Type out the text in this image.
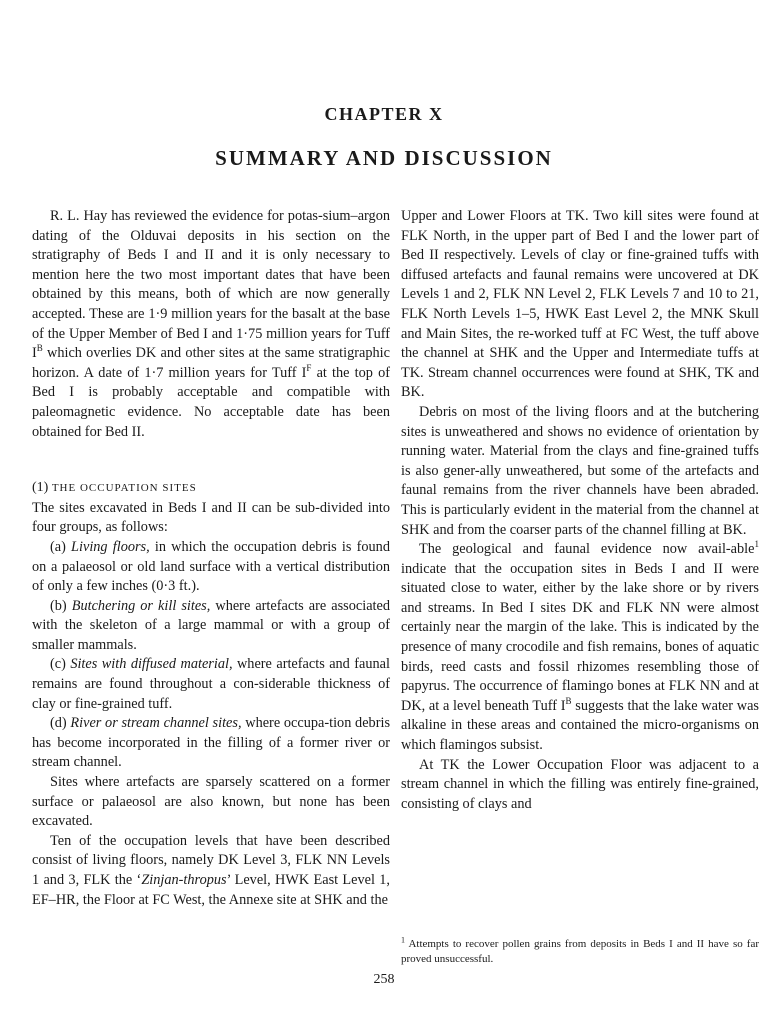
CHAPTER X
SUMMARY AND DISCUSSION

R. L. Hay has reviewed the evidence for potas-sium–argon dating of the Olduvai deposits in his section on the stratigraphy of Beds I and II and it is only necessary to mention here the two most important dates that have been obtained by this means, both of which are now generally accepted. These are 1·9 million years for the basalt at the base of the Upper Member of Bed I and 1·75 million years for Tuff $I^B$ which overlies DK and other sites at the same stratigraphic horizon. A date of 1·7 million years for Tuff $I^F$ at the top of Bed I is probably acceptable and compatible with paleomagnetic evidence. No acceptable date has been obtained for Bed II.

(1) THE OCCUPATION SITES

The sites excavated in Beds I and II can be sub-divided into four groups, as follows:

(a) Living floors, in which the occupation debris is found on a palaeosol or old land surface with a vertical distribution of only a few inches (0·3 ft.).

(b) Butchering or kill sites, where artefacts are associated with the skeleton of a large mammal or with a group of smaller mammals.

(c) Sites with diffused material, where artefacts and faunal remains are found throughout a con-siderable thickness of clay or fine-grained tuff.

(d) River or stream channel sites, where occupa-tion debris has become incorporated in the filling of a former river or stream channel.

Sites where artefacts are sparsely scattered on a former surface or palaeosol are also known, but none has been excavated.

Ten of the occupation levels that have been described consist of living floors, namely DK Level 3, FLK NN Levels 1 and 3, FLK the ‘Zinjan-thropus’ Level, HWK East Level 1, EF–HR, the Floor at FC West, the Annexe site at SHK and the

Upper and Lower Floors at TK. Two kill sites were found at FLK North, in the upper part of Bed I and the lower part of Bed II respectively. Levels of clay or fine-grained tuffs with diffused artefacts and faunal remains were uncovered at DK Levels 1 and 2, FLK NN Level 2, FLK Levels 7 and 10 to 21, FLK North Levels 1–5, HWK East Level 2, the MNK Skull and Main Sites, the re-worked tuff at FC West, the tuff above the channel at SHK and the Upper and Intermediate tuffs at TK. Stream channel occurrences were found at SHK, TK and BK.

Debris on most of the living floors and at the butchering sites is unweathered and shows no evidence of orientation by running water. Material from the clays and fine-grained tuffs is also gener-ally unweathered, but some of the artefacts and faunal remains from the river channels have been abraded. This is particularly evident in the material from the channel at SHK and from the coarser parts of the channel filling at BK.

The geological and faunal evidence now avail-able$^1$ indicate that the occupation sites in Beds I and II were situated close to water, either by the lake shore or by rivers and streams. In Bed I sites DK and FLK NN were almost certainly near the margin of the lake. This is indicated by the presence of many crocodile and fish remains, bones of aquatic birds, reed casts and fossil rhizomes resembling those of papyrus. The occurrence of flamingo bones at FLK NN and at DK, at a level beneath Tuff $I^B$ suggests that the lake water was alkaline in these areas and contained the micro-organisms on which flamingos subsist.

At TK the Lower Occupation Floor was adjacent to a stream channel in which the filling was entirely fine-grained, consisting of clays and

$^1$ Attempts to recover pollen grains from deposits in Beds I and II have so far proved unsuccessful.
258
